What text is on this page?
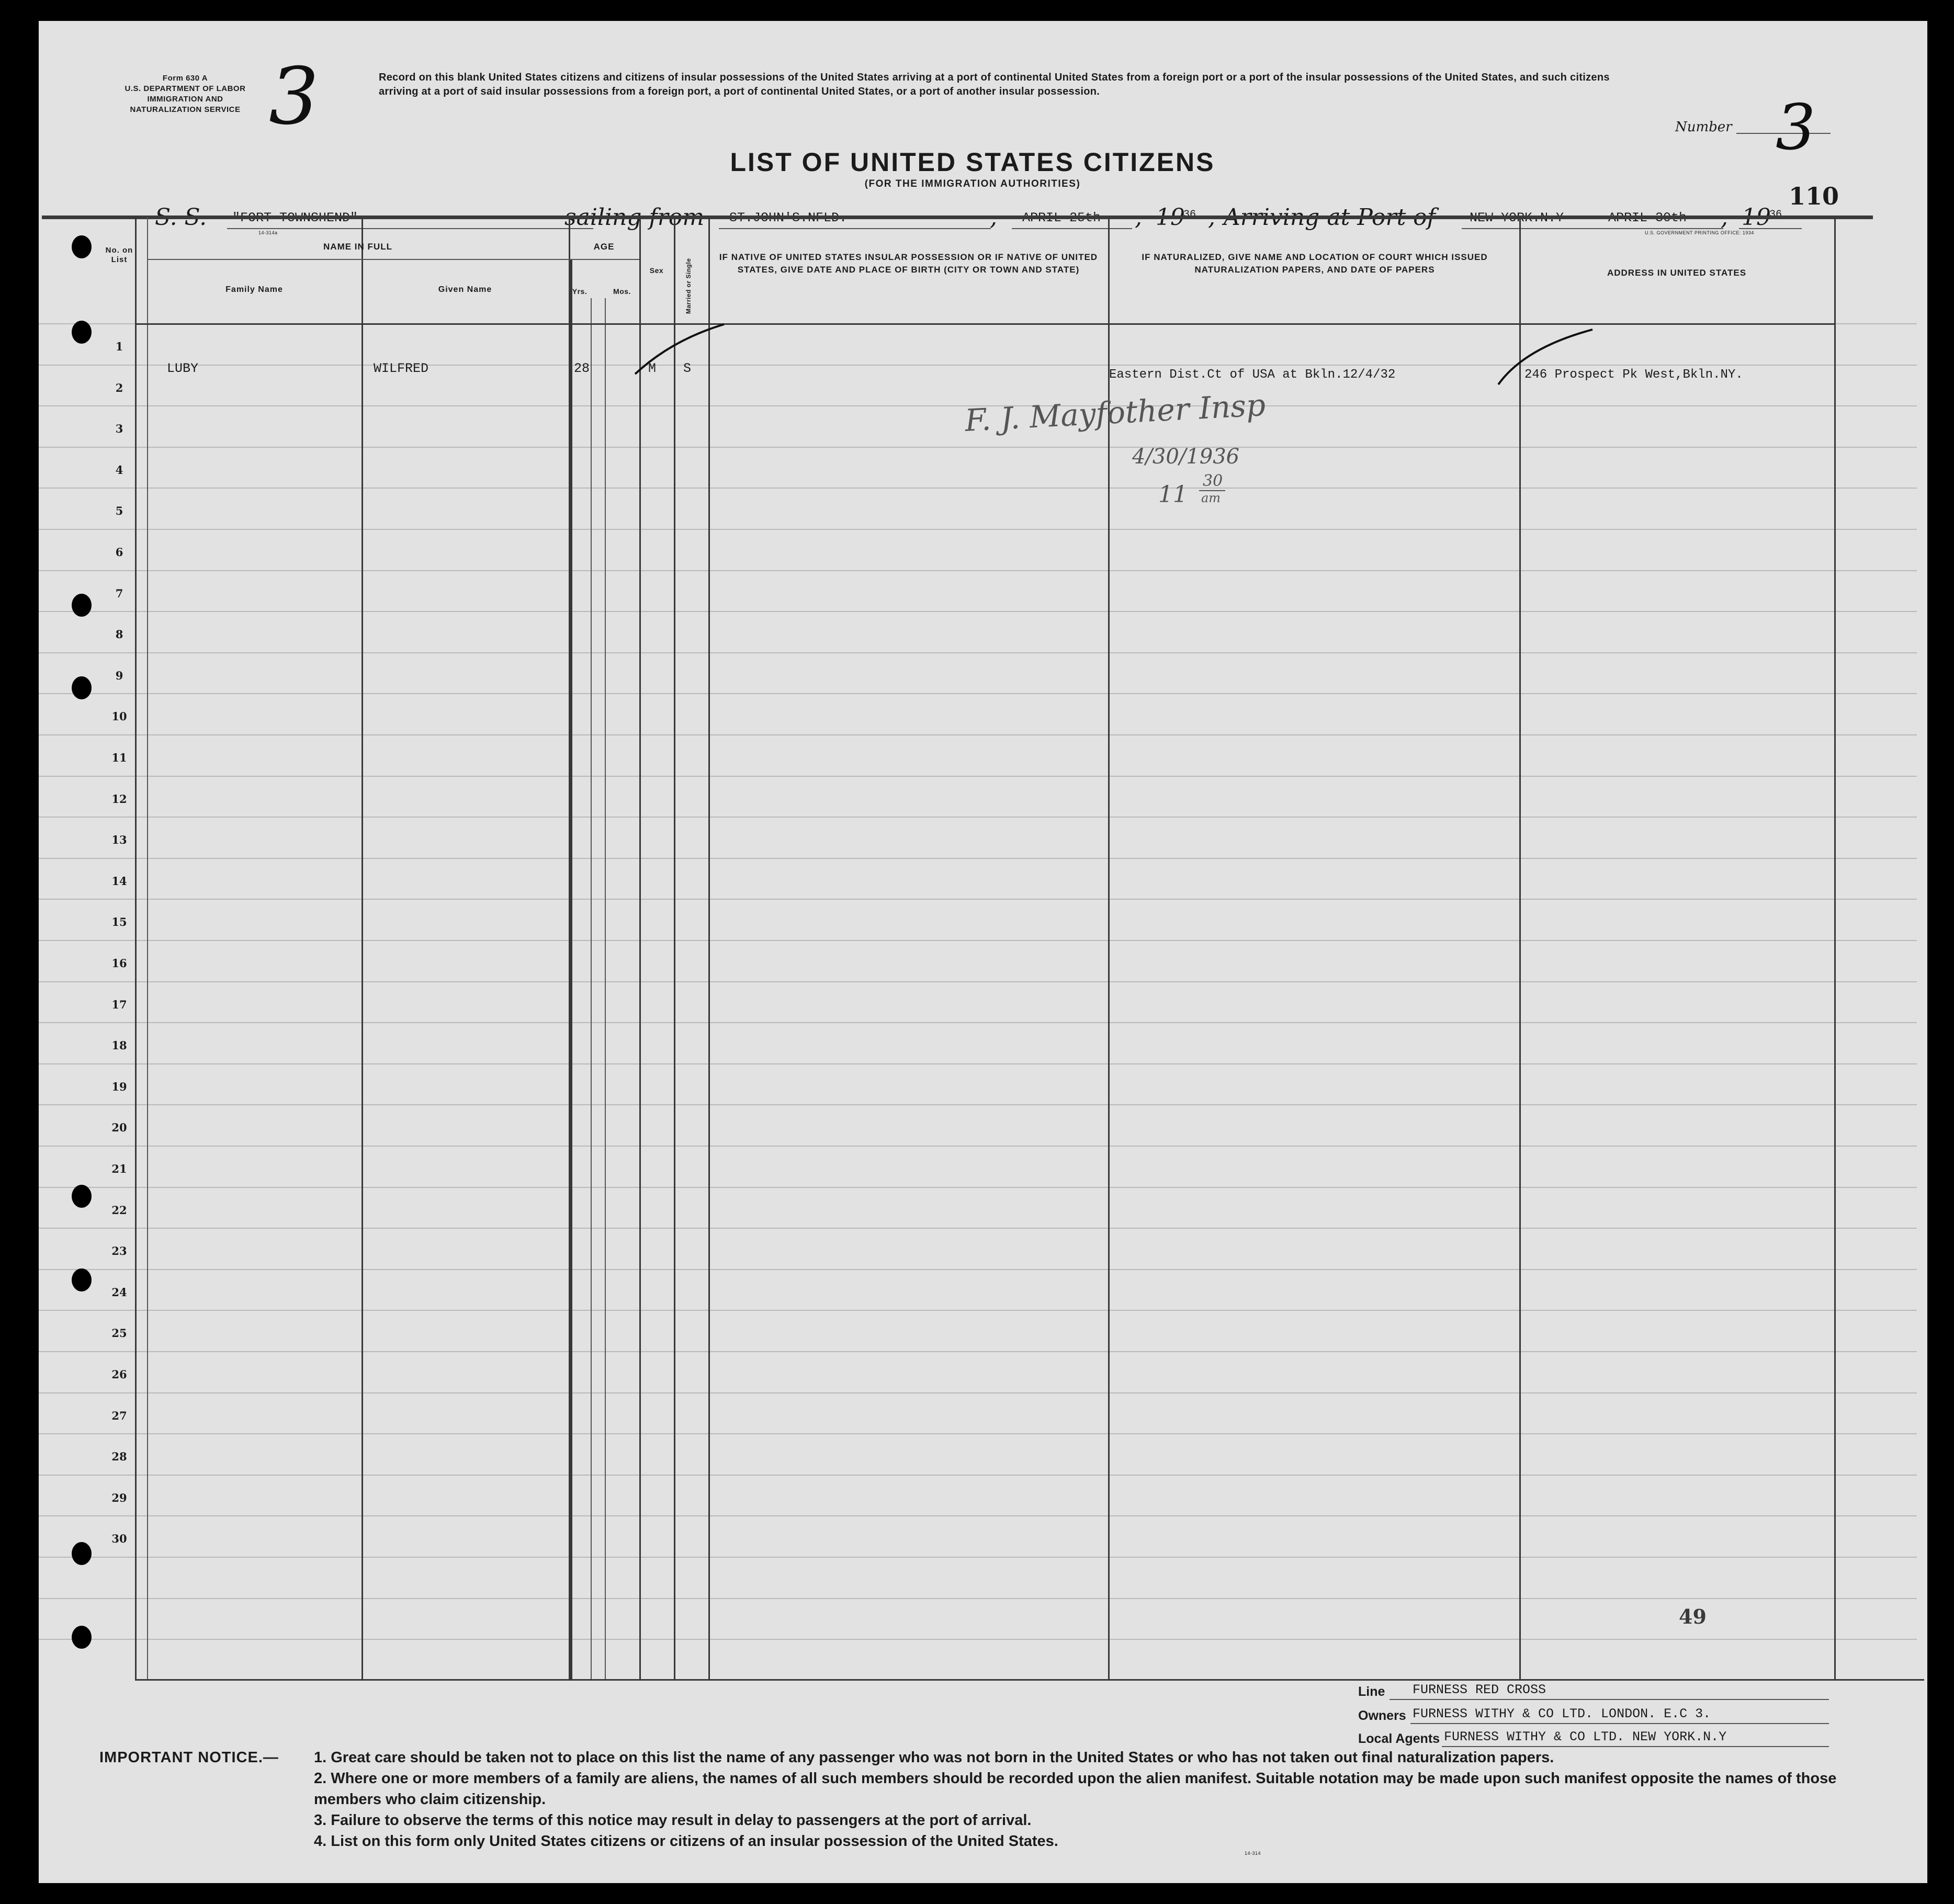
Form 630 A
U.S. DEPARTMENT OF LABOR
IMMIGRATION AND
NATURALIZATION SERVICE 3	Record on this blank United States citizens and citizens of insular possessions of the United States arriving at a port of continental United States from a foreign port or a port of the insular possessions of the United States, and such citizens arriving at a port of said insular possessions from a foreign port, a port of continental United States, or a port of another insular possession.
Number 3
LIST OF UNITED STATES CITIZENS
(FOR THE IMMIGRATION AUTHORITIES)	110
S. S. "FORT TOWNSHEND"
14-314a
sailing from ST.JOHN'S.NFLD.	, APRIL 25th , 19
36 , Arriving at Port of	NEW YORK.N.Y	APRIL 30th , 19
36
U.S. GOVERNMENT PRINTING OFFICE: 1934
No. on List
NAME IN FULL
Family Name	Given Name
AGE
Yrs.	Mos.
Sex	Married or Single
IF NATIVE OF UNITED STATES INSULAR POSSESSION OR IF NATIVE OF UNITED STATES, GIVE DATE AND PLACE OF BIRTH (CITY OR TOWN AND STATE)
IF NATURALIZED, GIVE NAME AND LOCATION OF COURT WHICH ISSUED NATURALIZATION PAPERS, AND DATE OF PAPERS	ADDRESS IN UNITED STATES
1
2
3
4
5
6
7
8
9
10
11
12
13
14
15
16
17
18
19
20
21
22
23
24
25
26
27
28
29
30
LUBY	WILFRED	28	M S	Eastern Dist.Ct of USA at Bkln.12/4/32	246 Prospect Pk West,Bkln.NY.
F. J. Mayfother Insp
4/30/1936
11
30
am
49
Line FURNESS RED CROSS
Owners FURNESS WITHY & CO LTD. LONDON. E.C 3.
Local Agents FURNESS WITHY & CO LTD. NEW YORK.N.Y
IMPORTANT NOTICE.— 1. Great care should be taken not to place on this list the name of any passenger who was not born in the United States or who has not taken out final naturalization papers.
2. Where one or more members of a family are aliens, the names of all such members should be recorded upon the alien manifest. Suitable notation may be made upon such manifest opposite the names of those members who claim citizenship.
3. Failure to observe the terms of this notice may result in delay to passengers at the port of arrival.
4. List on this form only United States citizens or citizens of an insular possession of the United States.
14-314
